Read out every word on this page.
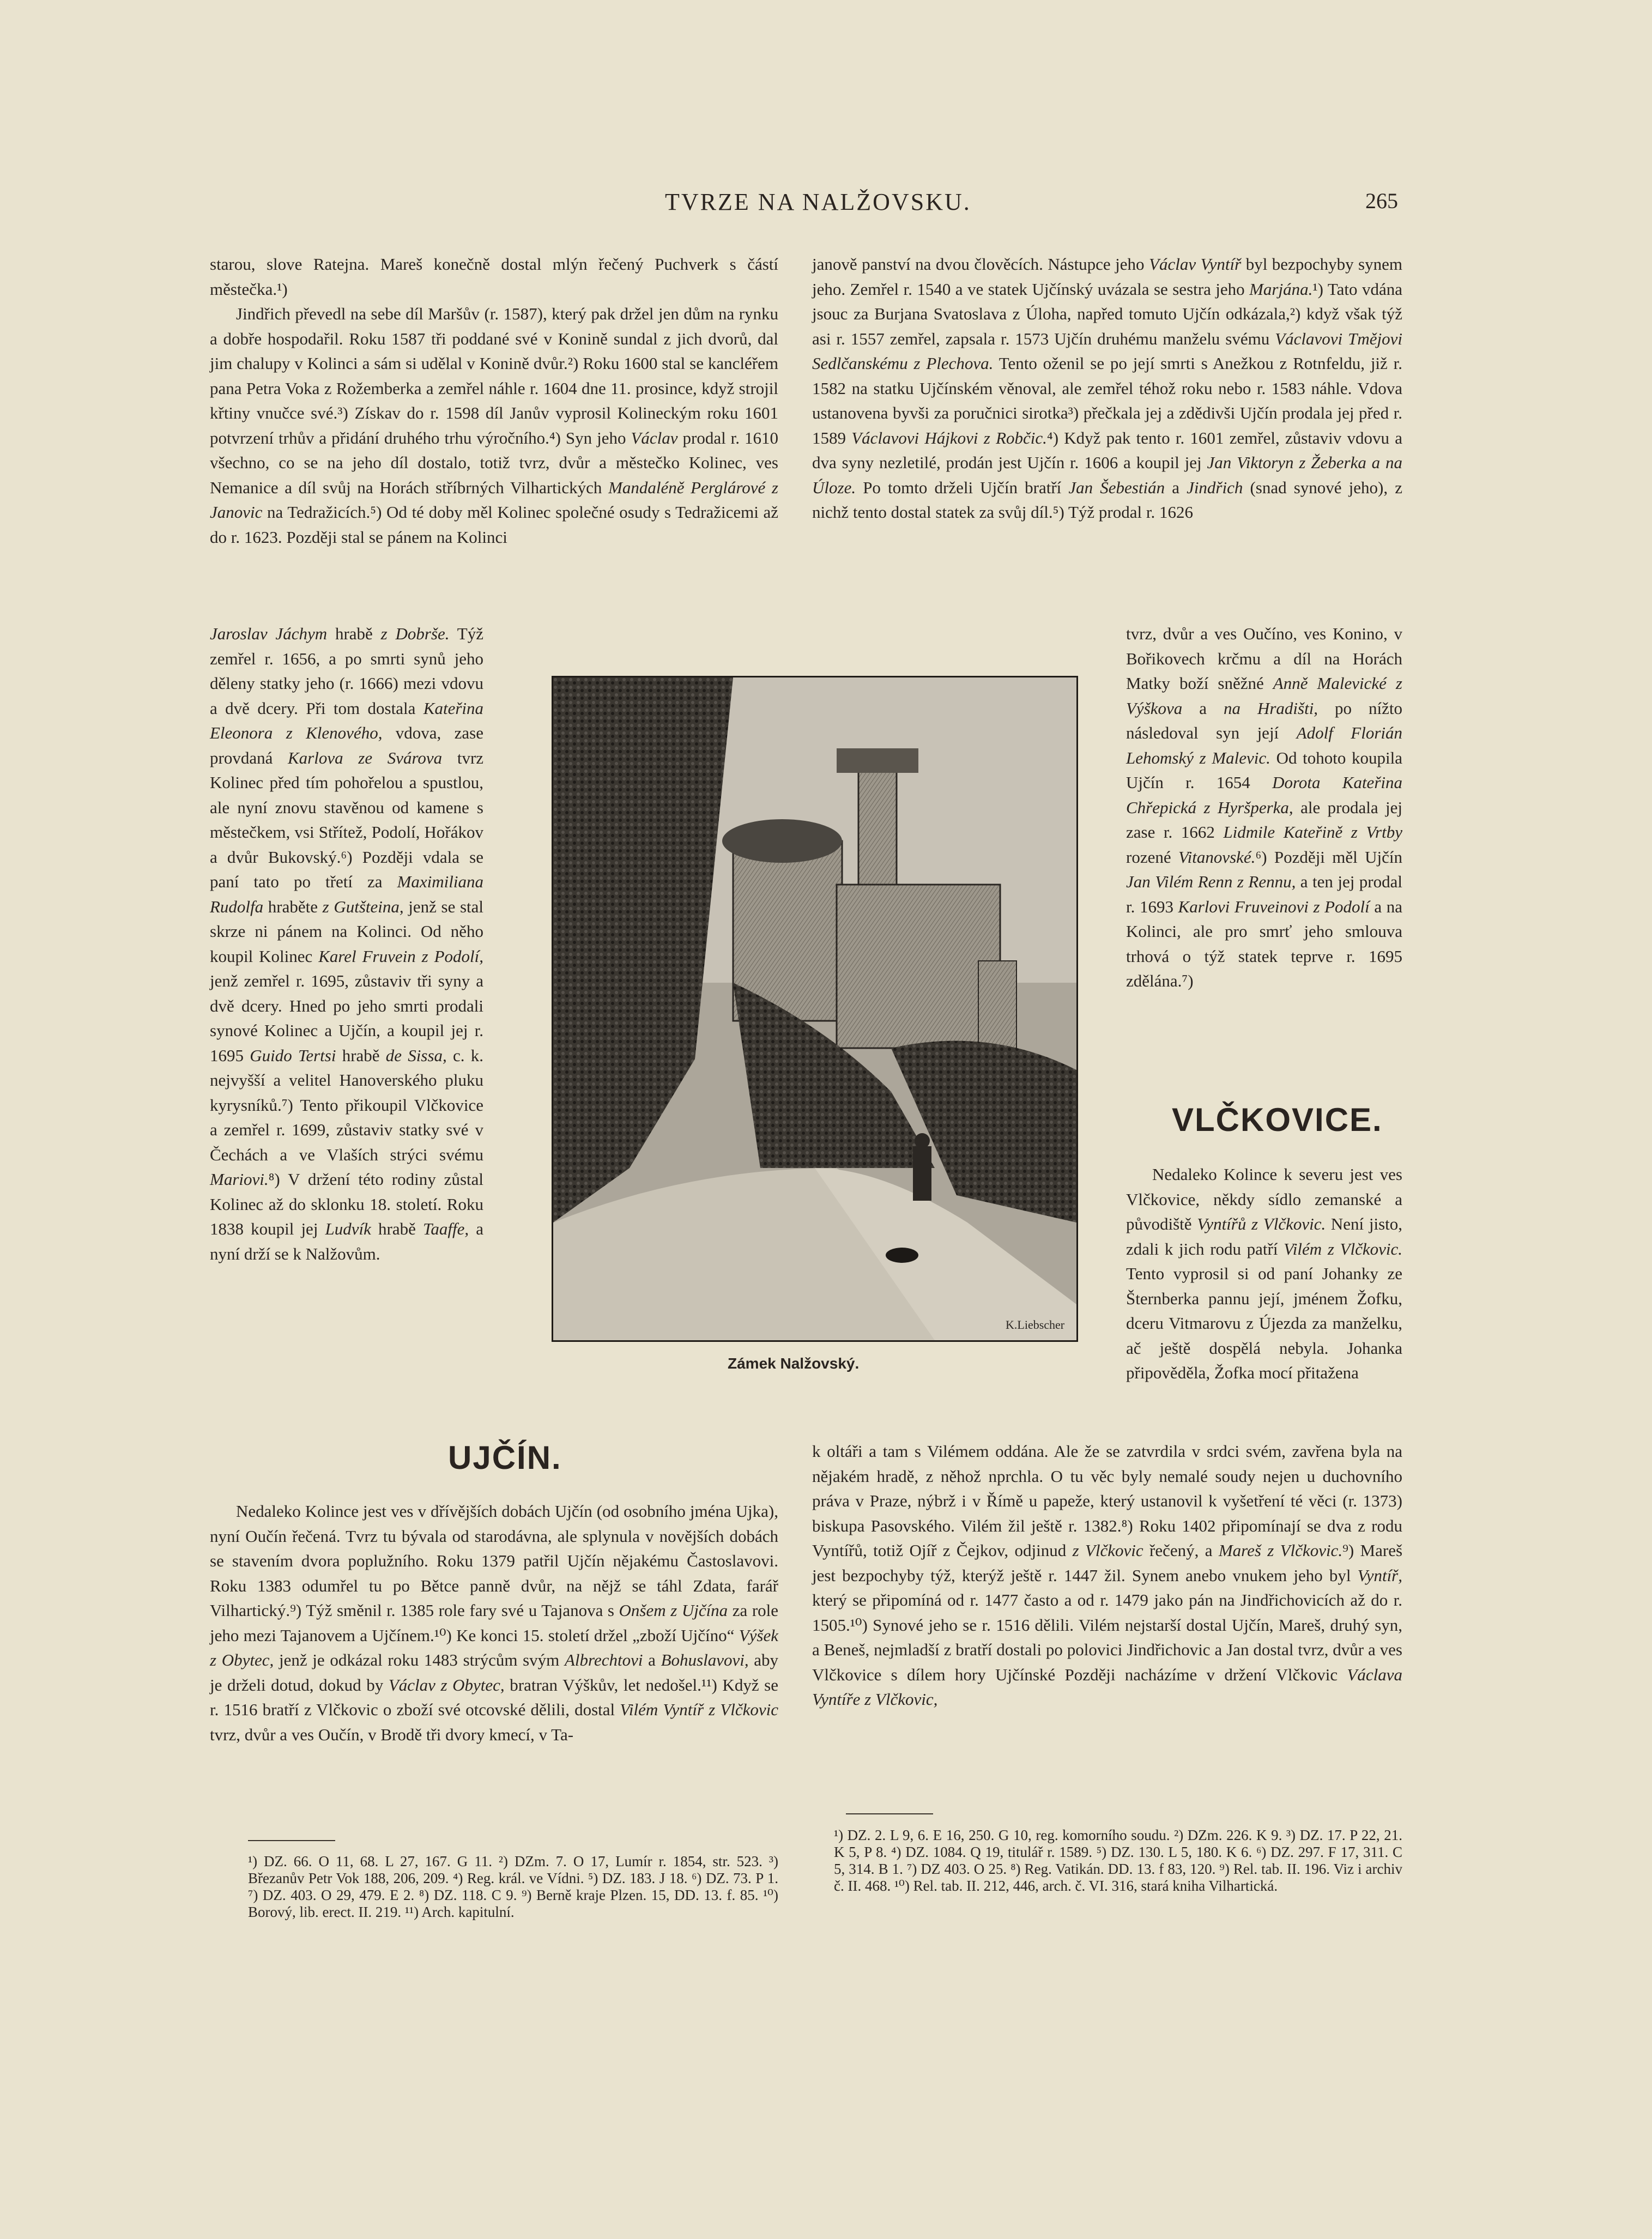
TVRZE NA NALŽOVSKU.	265

starou, slove Ratejna. Mareš konečně dostal mlýn řečený Puchverk s částí městečka.¹)

Jindřich převedl na sebe díl Maršův (r. 1587), který pak držel jen dům na rynku a dobře hospodařil. Roku 1587 tři poddané své v Konině sundal z jich dvorů, dal jim chalupy v Kolinci a sám si udělal v Konině dvůr.²) Roku 1600 stal se kancléřem pana Petra Voka z Rožemberka a zemřel náhle r. 1604 dne 11. prosince, když strojil křtiny vnučce své.³) Získav do r. 1598 díl Janův vyprosil Kolineckým roku 1601 potvrzení trhův a přidání druhého trhu výročního.⁴) Syn jeho Václav prodal r. 1610 všechno, co se na jeho díl dostalo, totiž tvrz, dvůr a městečko Kolinec, ves Nemanice a díl svůj na Horách stříbrných Vilhartických Mandaléně Perglárové z Janovic na Tedražicích.⁵) Od té doby měl Kolinec společné osudy s Tedražicemi až do r. 1623. Později stal se pánem na Kolinci

Jaroslav Jáchym hrabě z Dobrše. Týž zemřel r. 1656, a po smrti synů jeho děleny statky jeho (r. 1666) mezi vdovu a dvě dcery. Při tom dostala Kateřina Eleonora z Klenového, vdova, zase provdaná Karlova ze Svárova tvrz Kolinec před tím pohořelou a spustlou, ale nyní znovu stavěnou od kamene s městečkem, vsi Střítež, Podolí, Hořákov a dvůr Bukovský.⁶) Později vdala se paní tato po třetí za Maximiliana Rudolfa hraběte z Gutšteina, jenž se stal skrze ni pánem na Kolinci. Od něho koupil Kolinec Karel Fruvein z Podolí, jenž zemřel r. 1695, zůstaviv tři syny a dvě dcery. Hned po jeho smrti prodali synové Kolinec a Ujčín, a koupil jej r. 1695 Guido Tertsi hrabě de Sissa, c. k. nejvyšší a velitel Hanoverského pluku kyrysníků.⁷) Tento přikoupil Vlčkovice a zemřel r. 1699, zůstaviv statky své v Čechách a ve Vlaších strýci svému Mariovi.⁸) V držení této rodiny zůstal Kolinec až do sklonku 18. století. Roku 1838 koupil jej Ludvík hrabě Taaffe, a nyní drží se k Nalžovům.

K.Liebscher
Zámek Nalžovský.
UJČÍN.

Nedaleko Kolince jest ves v dřívějších dobách Ujčín (od osobního jména Ujka), nyní Oučín řečená. Tvrz tu bývala od starodávna, ale splynula v novějších dobách se stavením dvora poplužního. Roku 1379 patřil Ujčín nějakému Častoslavovi. Roku 1383 odumřel tu po Bětce panně dvůr, na nějž se táhl Zdata, farář Vilhartický.⁹) Týž směnil r. 1385 role fary své u Tajanova s Onšem z Ujčína za role jeho mezi Tajanovem a Ujčínem.¹⁰) Ke konci 15. století držel „zboží Ujčíno“ Výšek z Obytec, jenž je odkázal roku 1483 strýcům svým Albrechtovi a Bohuslavovi, aby je drželi dotud, dokud by Václav z Obytec, bratran Výškův, let nedošel.¹¹) Když se r. 1516 bratří z Vlčkovic o zboží své otcovské dělili, dostal Vilém Vyntíř z Vlčkovic tvrz, dvůr a ves Oučín, v Brodě tři dvory kmecí, v Ta-

janově panství na dvou člověcích. Nástupce jeho Václav Vyntíř byl bezpochyby synem jeho. Zemřel r. 1540 a ve statek Ujčínský uvázala se sestra jeho Marjána.¹) Tato vdána jsouc za Burjana Svatoslava z Úloha, napřed tomuto Ujčín odkázala,²) když však týž asi r. 1557 zemřel, zapsala r. 1573 Ujčín druhému manželu svému Václavovi Tmějovi Sedlčanskému z Plechova. Tento oženil se po její smrti s Anežkou z Rotnfeldu, již r. 1582 na statku Ujčínském věnoval, ale zemřel téhož roku nebo r. 1583 náhle. Vdova ustanovena byvši za poručnici sirotka³) přečkala jej a zdědivši Ujčín prodala jej před r. 1589 Václavovi Hájkovi z Robčic.⁴) Když pak tento r. 1601 zemřel, zůstaviv vdovu a dva syny nezletilé, prodán jest Ujčín r. 1606 a koupil jej Jan Viktoryn z Žeberka a na Úloze. Po tomto drželi Ujčín bratří Jan Šebestián a Jindřich (snad synové jeho), z nichž tento dostal statek za svůj díl.⁵) Týž prodal r. 1626

tvrz, dvůr a ves Oučíno, ves Konino, v Bořikovech krčmu a díl na Horách Matky boží sněžné Anně Malevické z Výškova a na Hradišti, po nížto následoval syn její Adolf Florián Lehomský z Malevic. Od tohoto koupila Ujčín r. 1654 Dorota Kateřina Chřepická z Hyršperka, ale prodala jej zase r. 1662 Lidmile Kateřině z Vrtby rozené Vitanovské.⁶) Později měl Ujčín Jan Vilém Renn z Rennu, a ten jej prodal r. 1693 Karlovi Fruveinovi z Podolí a na Kolinci, ale pro smrť jeho smlouva trhová o týž statek teprve r. 1695 zdělána.⁷)

VLČKOVICE.

Nedaleko Kolince k severu jest ves Vlčkovice, někdy sídlo zemanské a původiště Vyntířů z Vlčkovic. Není jisto, zdali k jich rodu patří Vilém z Vlčkovic. Tento vyprosil si od paní Johanky ze Šternberka pannu její, jménem Žofku, dceru Vitmarovu z Újezda za manželku, ač ještě dospělá nebyla. Johanka připověděla, Žofka mocí přitažena

k oltáři a tam s Vilémem oddána. Ale že se zatvrdila v srdci svém, zavřena byla na nějakém hradě, z něhož nprchla. O tu věc byly nemalé soudy nejen u duchovního práva v Praze, nýbrž i v Římě u papeže, který ustanovil k vyšetření té věci (r. 1373) biskupa Pasovského. Vilém žil ještě r. 1382.⁸) Roku 1402 připomínají se dva z rodu Vyntířů, totiž Ojíř z Čejkov, odjinud z Vlčkovic řečený, a Mareš z Vlčkovic.⁹) Mareš jest bezpochyby týž, kterýž ještě r. 1447 žil. Synem anebo vnukem jeho byl Vyntíř, který se připomíná od r. 1477 často a od r. 1479 jako pán na Jindřichovicích až do r. 1505.¹⁰) Synové jeho se r. 1516 dělili. Vilém nejstarší dostal Ujčín, Mareš, druhý syn, a Beneš, nejmladší z bratří dostali po polovici Jindřichovic a Jan dostal tvrz, dvůr a ves Vlčkovice s dílem hory Ujčínské Později nacházíme v držení Vlčkovic Václava Vyntíře z Vlčkovic,

¹) DZ. 66. O 11, 68. L 27, 167. G 11. ²) DZm. 7. O 17, Lumír r. 1854, str. 523. ³) Březanův Petr Vok 188, 206, 209. ⁴) Reg. král. ve Vídni. ⁵) DZ. 183. J 18. ⁶) DZ. 73. P 1. ⁷) DZ. 403. O 29, 479. E 2. ⁸) DZ. 118. C 9. ⁹) Berně kraje Plzen. 15, DD. 13. f. 85. ¹⁰) Borový, lib. erect. II. 219. ¹¹) Arch. kapitulní.
¹) DZ. 2. L 9, 6. E 16, 250. G 10, reg. komorního soudu. ²) DZm. 226. K 9. ³) DZ. 17. P 22, 21. K 5, P 8. ⁴) DZ. 1084. Q 19, titulář r. 1589. ⁵) DZ. 130. L 5, 180. K 6. ⁶) DZ. 297. F 17, 311. C 5, 314. B 1. ⁷) DZ 403. O 25. ⁸) Reg. Vatikán. DD. 13. f 83, 120. ⁹) Rel. tab. II. 196. Viz i archiv č. II. 468. ¹⁰) Rel. tab. II. 212, 446, arch. č. VI. 316, stará kniha Vilhartická.
